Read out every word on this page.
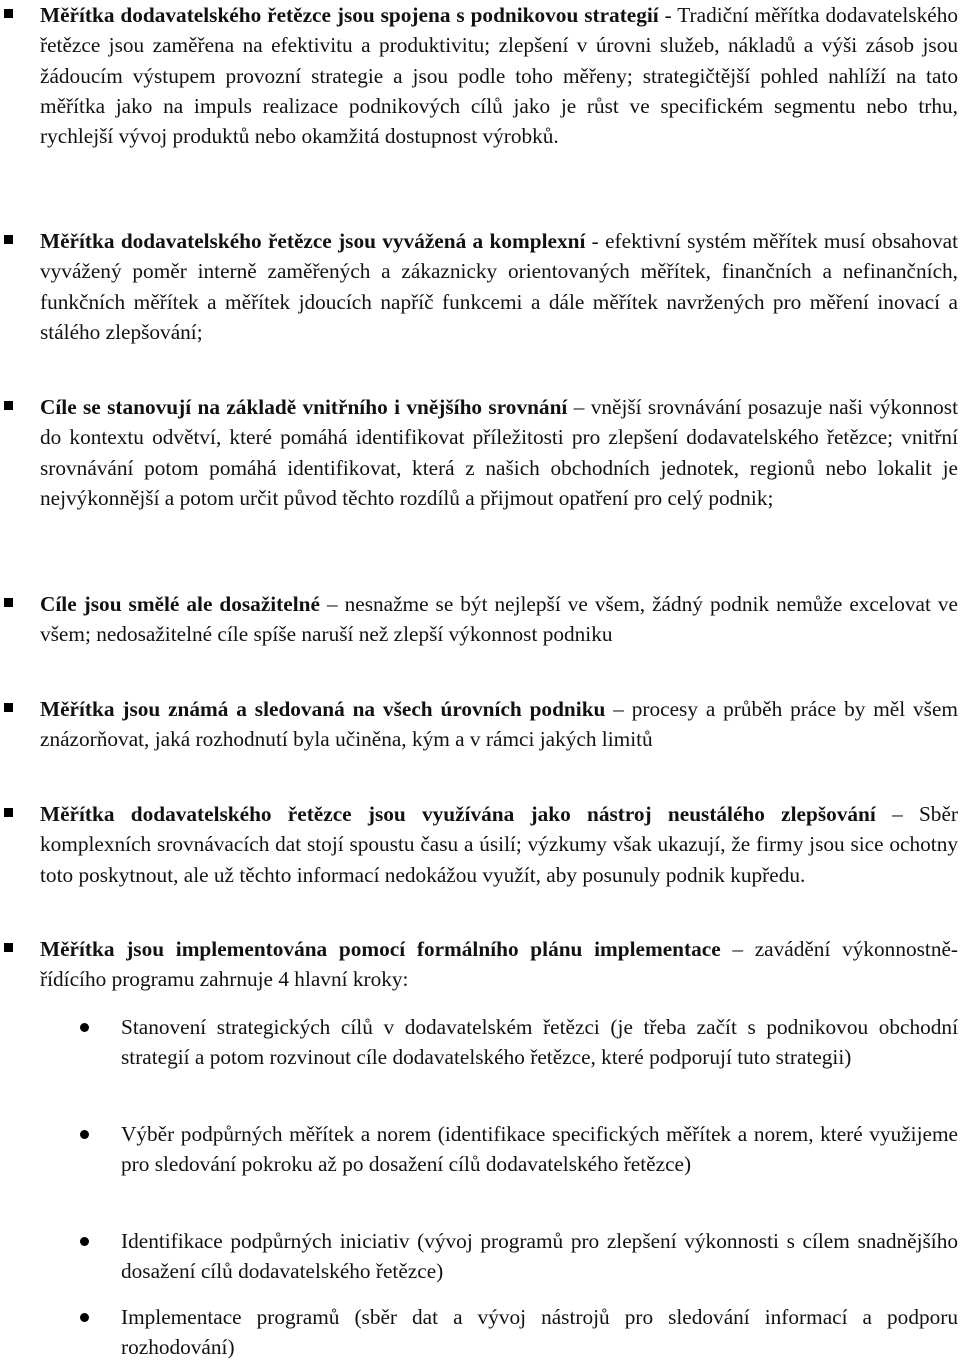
Měřítka dodavatelského řetězce jsou spojena s podnikovou strategií - Tradiční měřítka dodavatelského řetězce jsou zaměřena na efektivitu a produktivitu; zlepšení v úrovni služeb, nákladů a výši zásob jsou žádoucím výstupem provozní strategie a jsou podle toho měřeny; strategičtější pohled nahlíží na tato měřítka jako na impuls realizace podnikových cílů jako je růst ve specifickém segmentu nebo trhu, rychlejší vývoj produktů nebo okamžitá dostupnost výrobků.
Měřítka dodavatelského řetězce jsou vyvážená a komplexní - efektivní systém měřítek musí obsahovat vyvážený poměr interně zaměřených a zákaznicky orientovaných měřítek, finančních a nefinančních, funkčních měřítek a měřítek jdoucích napříč funkcemi a dále měřítek navržených pro měření inovací a stálého zlepšování;
Cíle se stanovují na základě vnitřního i vnějšího srovnání – vnější srovnávání posazuje naši výkonnost do kontextu odvětví, které pomáhá identifikovat příležitosti pro zlepšení dodavatelského řetězce; vnitřní srovnávání potom pomáhá identifikovat, která z našich obchodních jednotek, regionů nebo lokalit je nejvýkonnější a potom určit původ těchto rozdílů a přijmout opatření pro celý podnik;
Cíle jsou smělé ale dosažitelné – nesnažme se být nejlepší ve všem, žádný podnik nemůže excelovat ve všem; nedosažitelné cíle spíše naruší než zlepší výkonnost podniku
Měřítka jsou známá a sledovaná na všech úrovních podniku – procesy a průběh práce by měl všem znázorňovat, jaká rozhodnutí byla učiněna, kým a v rámci jakých limitů
Měřítka dodavatelského řetězce jsou využívána jako nástroj neustálého zlepšování – Sběr komplexních srovnávacích dat stojí spoustu času a úsilí; výzkumy však ukazují, že firmy jsou sice ochotny toto poskytnout, ale už těchto informací nedokážou využít, aby posunuly podnik kupředu.
Měřítka jsou implementována pomocí formálního plánu implementace – zavádění výkonnostně-řídícího programu zahrnuje 4 hlavní kroky:
Stanovení strategických cílů v dodavatelském řetězci (je třeba začít s podnikovou obchodní strategií a potom rozvinout cíle dodavatelského řetězce, které podporují tuto strategii)
Výběr podpůrných měřítek a norem (identifikace specifických měřítek a norem, které využijeme pro sledování pokroku až po dosažení cílů dodavatelského řetězce)
Identifikace podpůrných iniciativ (vývoj programů pro zlepšení výkonnosti s cílem snadnějšího dosažení cílů dodavatelského řetězce)
Implementace programů (sběr dat a vývoj nástrojů pro sledování informací a podporu rozhodování)
